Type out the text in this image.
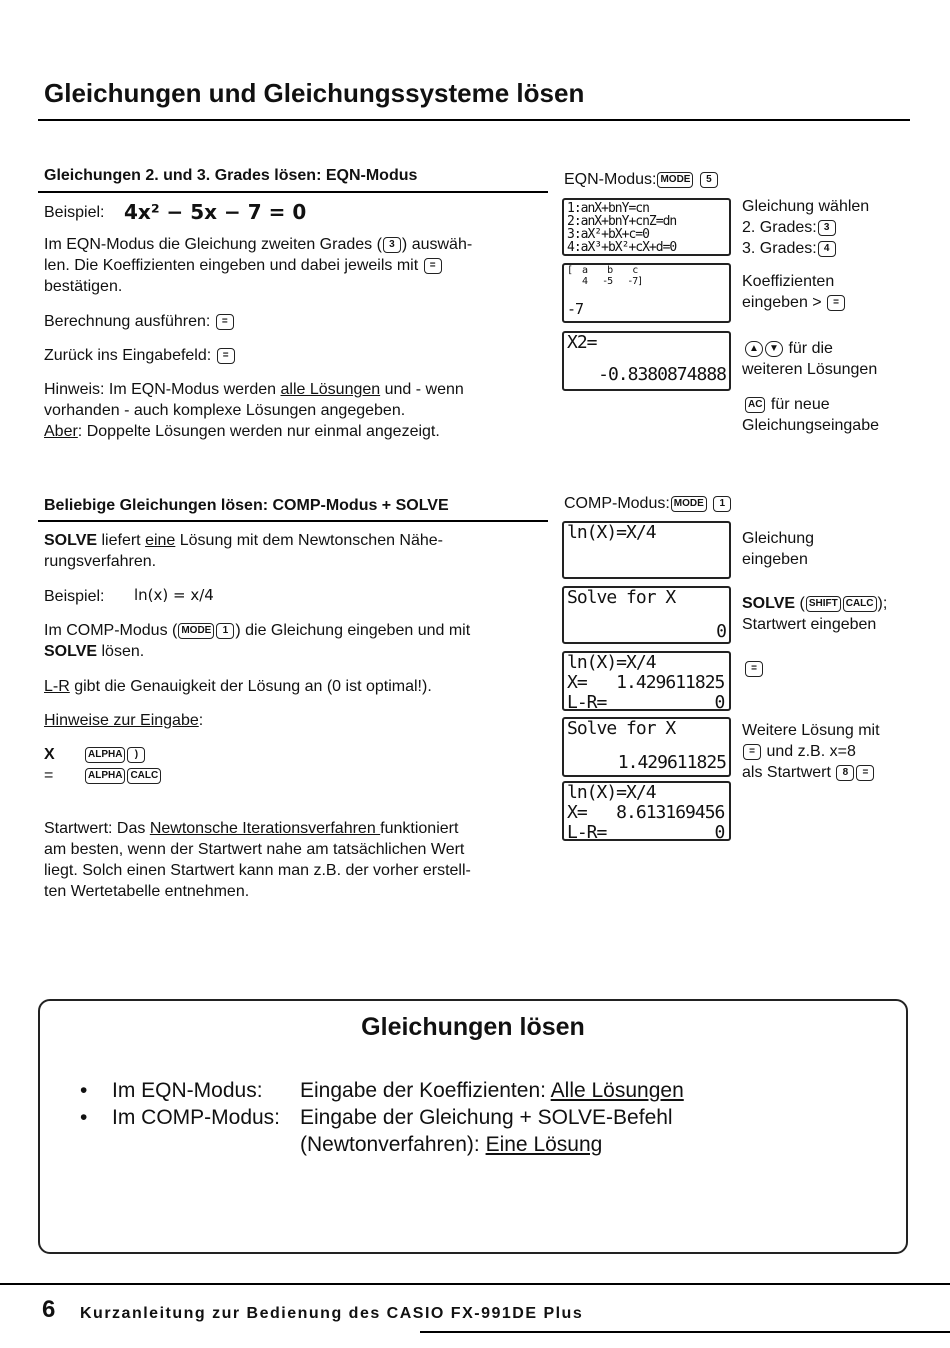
Gleichungen und Gleichungssysteme lösen
Gleichungen 2. und 3. Grades lösen: EQN-Modus
Beispiel: 4x² − 5x − 7 = 0
Im EQN-Modus die Gleichung zweiten Grades ( 3 ) auswäh-
len. Die Koeffizienten eingeben und dabei jeweils mit =
bestätigen.
Berechnung ausführen: =
Zurück ins Eingabefeld: =
Hinweis: Im EQN-Modus werden alle Lösungen und - wenn
vorhanden - auch komplexe Lösungen angegeben.
Aber: Doppelte Lösungen werden nur einmal angezeigt.
EQN-Modus: MODE 5
1:anX+bnY=cn
2:anX+bnY+cnZ=dn
3:aX²+bX+c=0
4:aX³+bX²+cX+d=0
[  a    b    c
4   -5   -7]
-7
X2=
-0.8380874888
Gleichung wählen
2. Grades: 3
3. Grades: 4
Koeffizienten
eingeben > =
▲ ▼ für die
weiteren Lösungen
AC für neue
Gleichungseingabe
Beliebige Gleichungen lösen: COMP-Modus + SOLVE
SOLVE liefert eine Lösung mit dem Newtonschen Nähe-
rungsverfahren.
Beispiel: ln(x) = x/4
Im COMP-Modus ( MODE 1 ) die Gleichung eingeben und mit
SOLVE lösen.
L-R gibt die Genauigkeit der Lösung an (0 ist optimal!).
Hinweise zur Eingabe:
X	ALPHA )
=	ALPHA CALC
Startwert: Das Newtonsche Iterationsverfahren funktioniert
am besten, wenn der Startwert nahe am tatsächlichen Wert
liegt. Solch einen Startwert kann man z.B. der vorher erstell-
ten Wertetabelle entnehmen.
COMP-Modus: MODE 1
ln(X)=X/4
Solve for X
0
ln(X)=X/4
X=   1.429611825
L-R=           0
Solve for X
1.429611825
ln(X)=X/4
X=   8.613169456
L-R=           0
Gleichung
eingeben
SOLVE ( SHIFT CALC );
Startwert eingeben
=
Weitere Lösung mit
= und z.B. x=8
als Startwert 8 =
Gleichungen lösen
• Im EQN-Modus: Eingabe der Koeffizienten: Alle Lösungen
• Im COMP-Modus: Eingabe der Gleichung + SOLVE-Befehl
(Newtonverfahren): Eine Lösung
6 Kurzanleitung zur Bedienung des CASIO FX-991DE Plus
